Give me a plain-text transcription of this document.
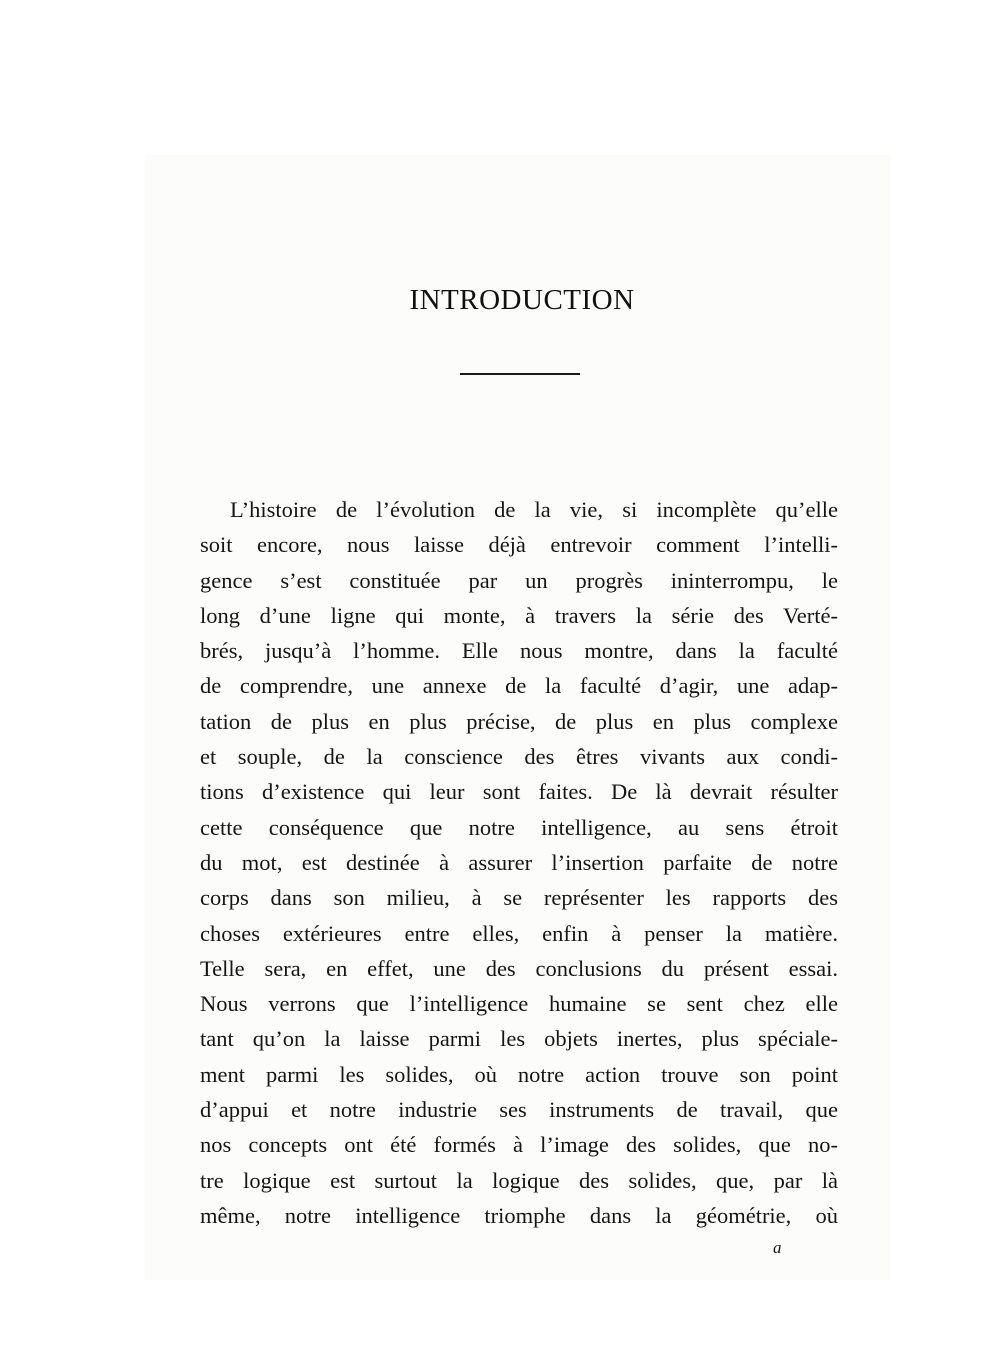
INTRODUCTION
L’histoire de l’évolution de la vie, si incomplète qu’elle
soit encore, nous laisse déjà entrevoir comment l’intelli-
gence s’est constituée par un progrès ininterrompu, le
long d’une ligne qui monte, à travers la série des Verté-
brés, jusqu’à l’homme. Elle nous montre, dans la faculté
de comprendre, une annexe de la faculté d’agir, une adap-
tation de plus en plus précise, de plus en plus complexe
et souple, de la conscience des êtres vivants aux condi-
tions d’existence qui leur sont faites. De là devrait résulter
cette conséquence que notre intelligence, au sens étroit
du mot, est destinée à assurer l’insertion parfaite de notre
corps dans son milieu, à se représenter les rapports des
choses extérieures entre elles, enfin à penser la matière.
Telle sera, en effet, une des conclusions du présent essai.
Nous verrons que l’intelligence humaine se sent chez elle
tant qu’on la laisse parmi les objets inertes, plus spéciale-
ment parmi les solides, où notre action trouve son point
d’appui et notre industrie ses instruments de travail, que
nos concepts ont été formés à l’image des solides, que no-
tre logique est surtout la logique des solides, que, par là
même, notre intelligence triomphe dans la géométrie, où
a
